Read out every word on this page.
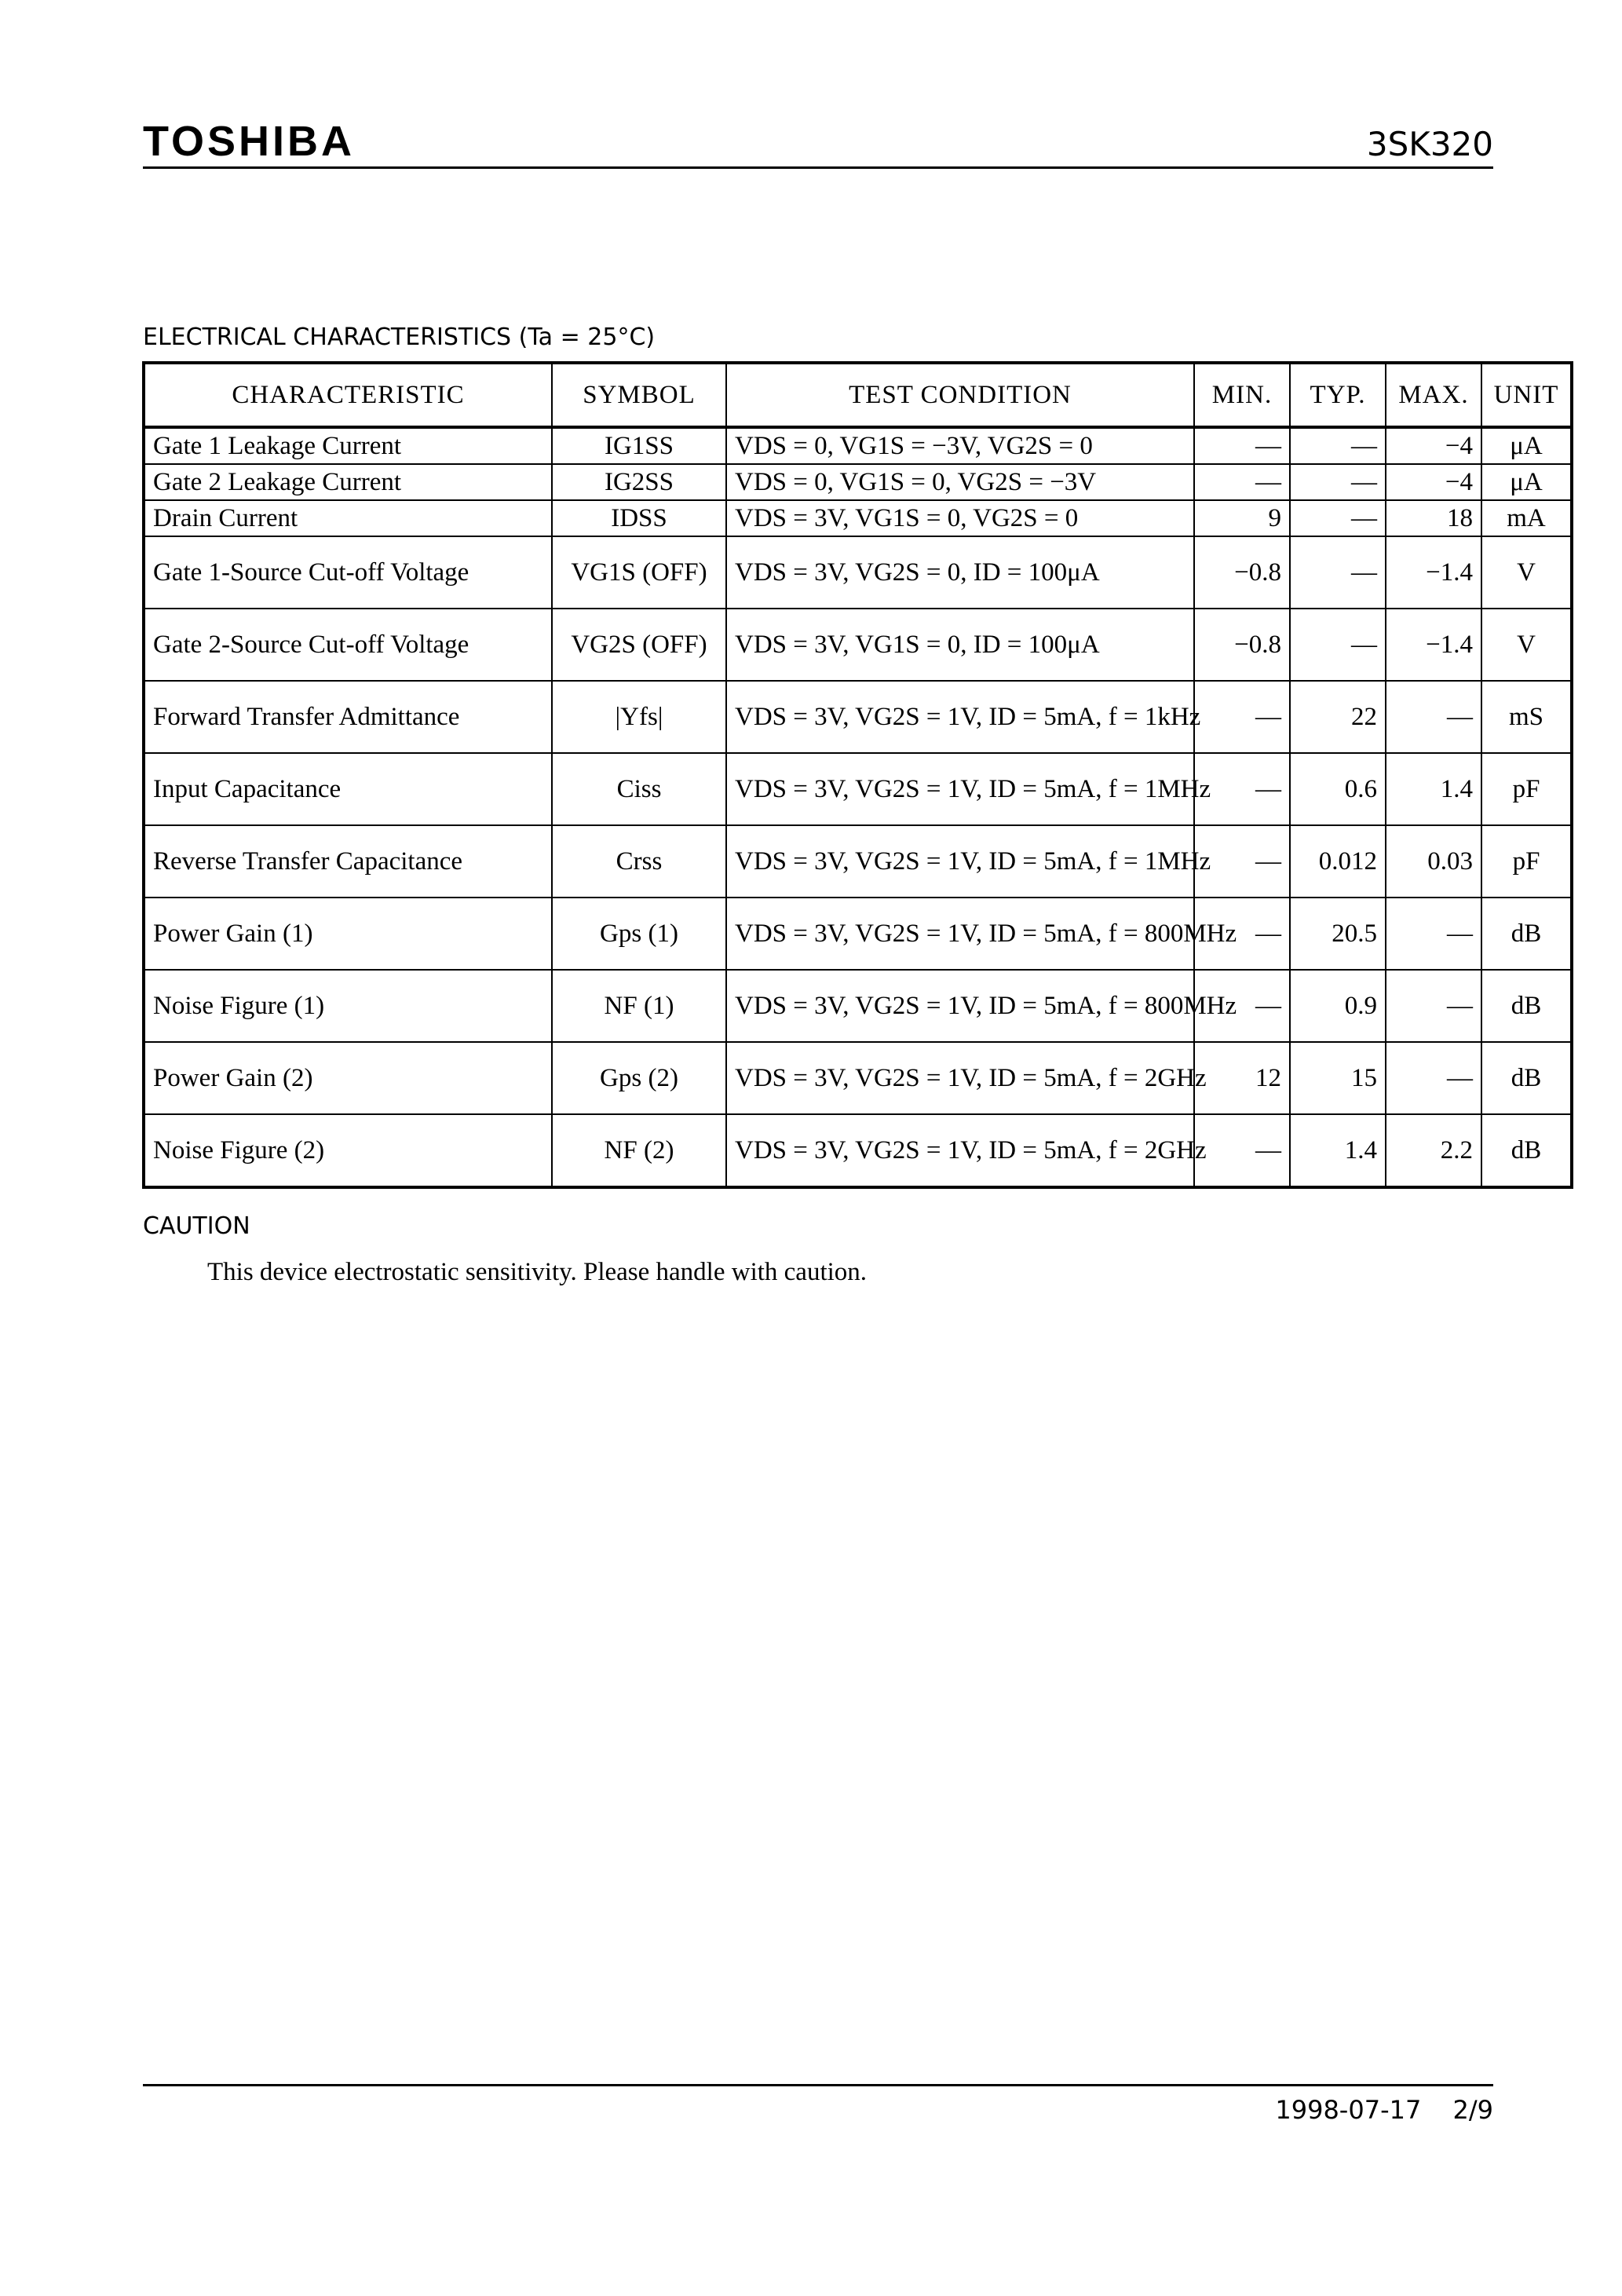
TOSHIBA	3SK320
ELECTRICAL CHARACTERISTICS (Ta = 25°C)
CHARACTERISTIC	SYMBOL	TEST CONDITION	MIN.	TYP.	MAX.	UNIT
Gate 1 Leakage Current	IG1SS	VDS = 0, VG1S = −3V, VG2S = 0	—	—	−4	μA
Gate 2 Leakage Current	IG2SS	VDS = 0, VG1S = 0, VG2S = −3V	—	—	−4	μA
Drain Current	IDSS	VDS = 3V, VG1S = 0, VG2S = 0	9	—	18	mA
Gate 1-Source Cut-off Voltage	VG1S (OFF)	VDS = 3V, VG2S = 0, ID = 100μA	−0.8	—	−1.4	V
Gate 2-Source Cut-off Voltage	VG2S (OFF)	VDS = 3V, VG1S = 0, ID = 100μA	−0.8	—	−1.4	V
Forward Transfer Admittance	|Yfs|	VDS = 3V, VG2S = 1V, ID = 5mA, f = 1kHz	—	22	—	mS
Input Capacitance	Ciss	VDS = 3V, VG2S = 1V, ID = 5mA, f = 1MHz	—	0.6	1.4	pF
Reverse Transfer Capacitance	Crss	VDS = 3V, VG2S = 1V, ID = 5mA, f = 1MHz	—	0.012	0.03	pF
Power Gain (1)	Gps (1)	VDS = 3V, VG2S = 1V, ID = 5mA, f = 800MHz	—	20.5	—	dB
Noise Figure (1)	NF (1)	VDS = 3V, VG2S = 1V, ID = 5mA, f = 800MHz	—	0.9	—	dB
Power Gain (2)	Gps (2)	VDS = 3V, VG2S = 1V, ID = 5mA, f = 2GHz	12	15	—	dB
Noise Figure (2)	NF (2)	VDS = 3V, VG2S = 1V, ID = 5mA, f = 2GHz	—	1.4	2.2	dB
CAUTION
This device electrostatic sensitivity. Please handle with caution.
1998-07-17 2/9
